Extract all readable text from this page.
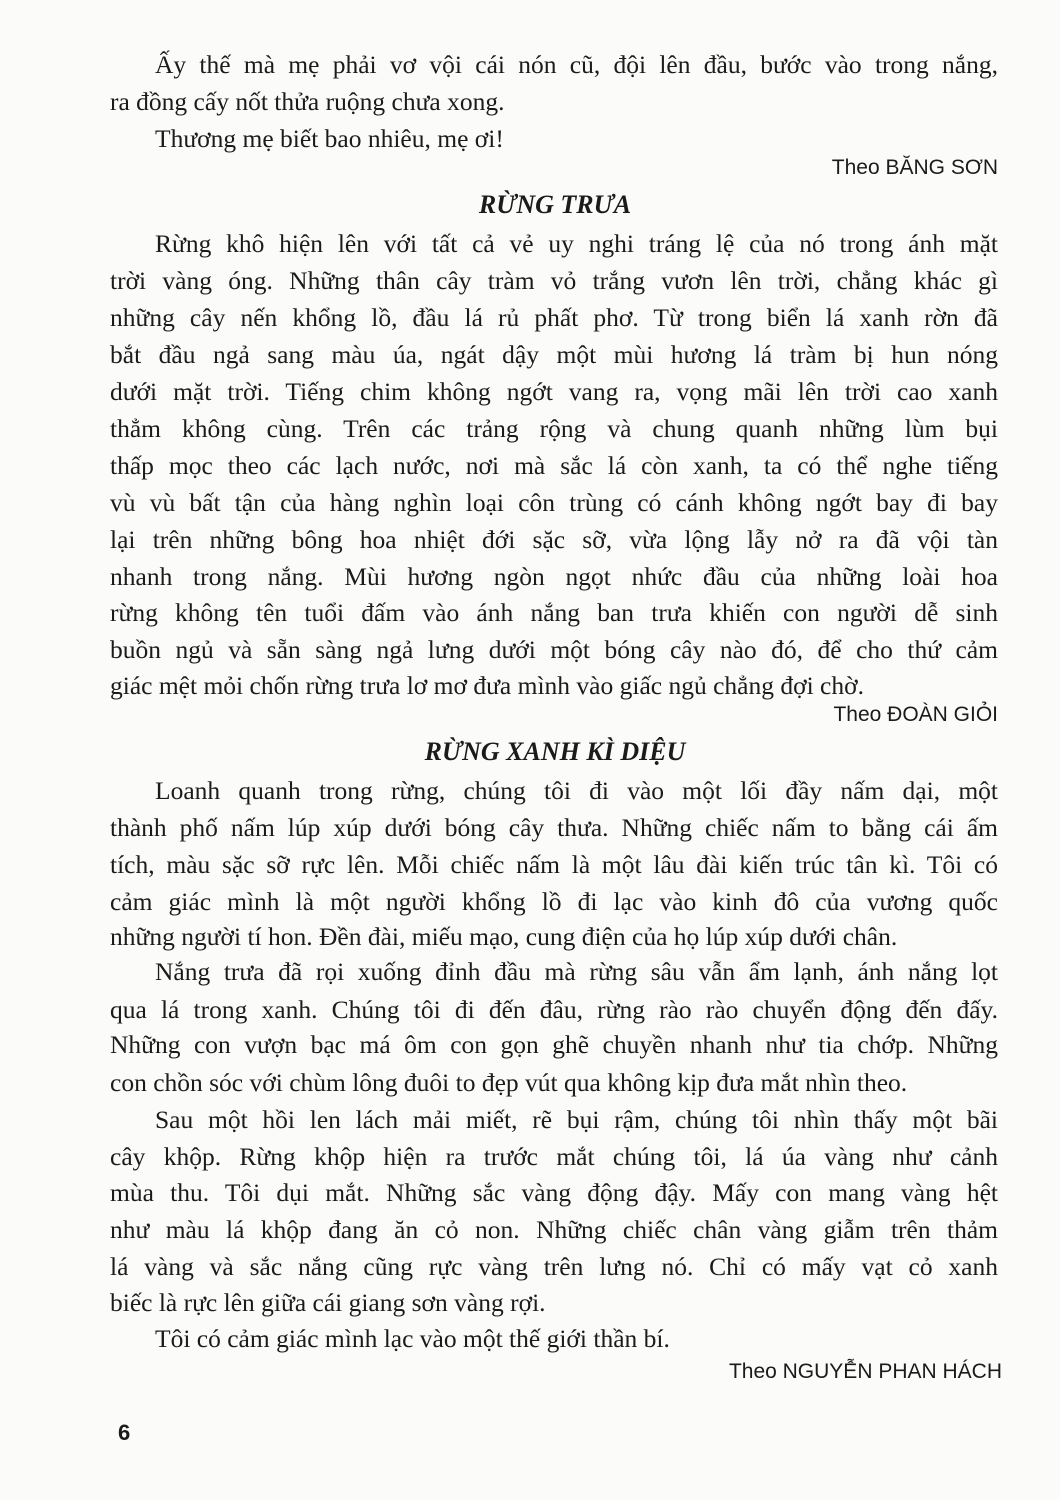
Ấy thế mà mẹ phải vơ vội cái nón cũ, đội lên đầu, bước vào trong nắng,
ra đồng cấy nốt thửa ruộng chưa xong.
Thương mẹ biết bao nhiêu, mẹ ơi!
Theo BĂNG SƠN
RỪNG TRƯA
Rừng khô hiện lên với tất cả vẻ uy nghi tráng lệ của nó trong ánh mặt
trời vàng óng. Những thân cây tràm vỏ trắng vươn lên trời, chẳng khác gì
những cây nến khổng lồ, đầu lá rủ phất phơ. Từ trong biển lá xanh rờn đã
bắt đầu ngả sang màu úa, ngát dậy một mùi hương lá tràm bị hun nóng
dưới mặt trời. Tiếng chim không ngớt vang ra, vọng mãi lên trời cao xanh
thẳm không cùng. Trên các trảng rộng và chung quanh những lùm bụi
thấp mọc theo các lạch nước, nơi mà sắc lá còn xanh, ta có thể nghe tiếng
vù vù bất tận của hàng nghìn loại côn trùng có cánh không ngớt bay đi bay
lại trên những bông hoa nhiệt đới sặc sỡ, vừa lộng lẫy nở ra đã vội tàn
nhanh trong nắng. Mùi hương ngòn ngọt nhức đầu của những loài hoa
rừng không tên tuổi đấm vào ánh nắng ban trưa khiến con người dễ sinh
buồn ngủ và sẵn sàng ngả lưng dưới một bóng cây nào đó, để cho thứ cảm
giác mệt mỏi chốn rừng trưa lơ mơ đưa mình vào giấc ngủ chẳng đợi chờ.
Theo ĐOÀN GIỎI
RỪNG XANH KÌ DIỆU
Loanh quanh trong rừng, chúng tôi đi vào một lối đầy nấm dại, một
thành phố nấm lúp xúp dưới bóng cây thưa. Những chiếc nấm to bằng cái ấm
tích, màu sặc sỡ rực lên. Mỗi chiếc nấm là một lâu đài kiến trúc tân kì. Tôi có
cảm giác mình là một người khổng lồ đi lạc vào kinh đô của vương quốc
những người tí hon. Đền đài, miếu mạo, cung điện của họ lúp xúp dưới chân.
Nắng trưa đã rọi xuống đỉnh đầu mà rừng sâu vẫn ẩm lạnh, ánh nắng lọt
qua lá trong xanh. Chúng tôi đi đến đâu, rừng rào rào chuyển động đến đấy.
Những con vượn bạc má ôm con gọn ghẽ chuyền nhanh như tia chớp. Những
con chồn sóc với chùm lông đuôi to đẹp vút qua không kịp đưa mắt nhìn theo.
Sau một hồi len lách mải miết, rẽ bụi rậm, chúng tôi nhìn thấy một bãi
cây khộp. Rừng khộp hiện ra trước mắt chúng tôi, lá úa vàng như cảnh
mùa thu. Tôi dụi mắt. Những sắc vàng động đậy. Mấy con mang vàng hệt
như màu lá khộp đang ăn cỏ non. Những chiếc chân vàng giẫm trên thảm
lá vàng và sắc nắng cũng rực vàng trên lưng nó. Chỉ có mấy vạt cỏ xanh
biếc là rực lên giữa cái giang sơn vàng rợi.
Tôi có cảm giác mình lạc vào một thế giới thần bí.
Theo NGUYỄN PHAN HÁCH
6
